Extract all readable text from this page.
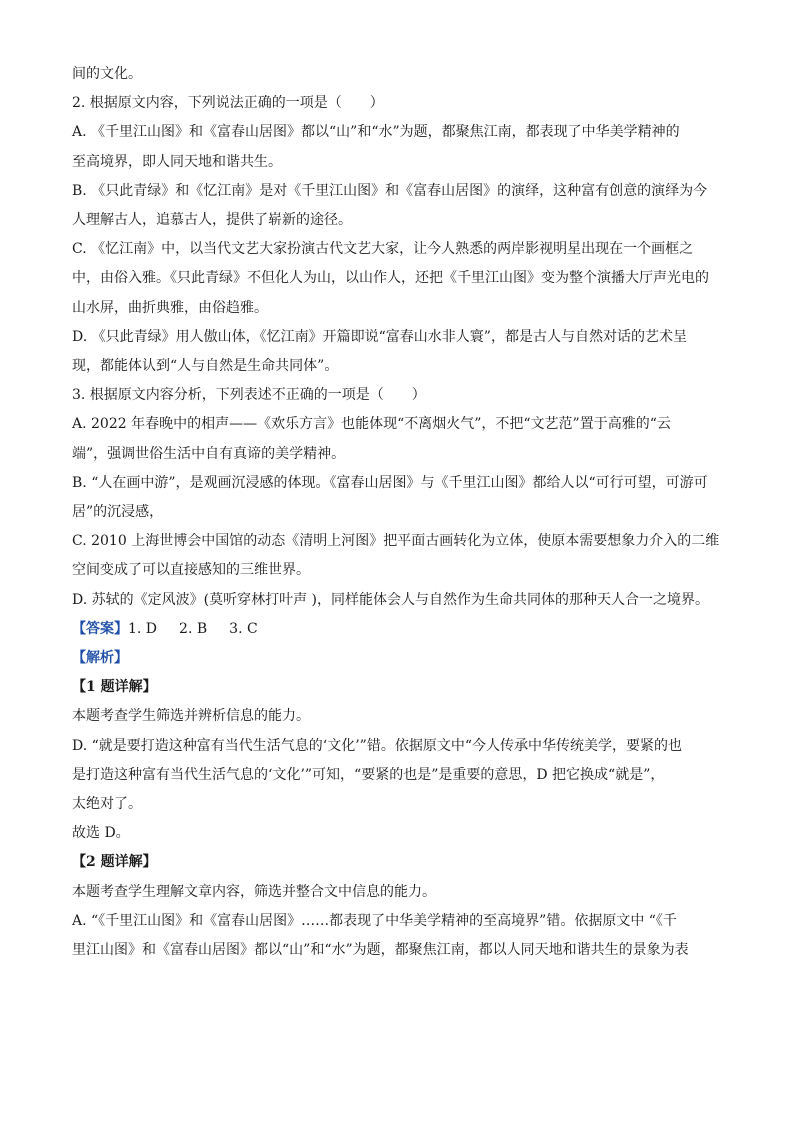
间的文化。

2. 根据原文内容，下列说法正确的一项是（　　）

A. 《千里江山图》和《富春山居图》都以“山”和“水”为题，都聚焦江南，都表现了中华美学精神的

至高境界，即人同天地和谐共生。

B. 《只此青绿》和《忆江南》是对《千里江山图》和《富春山居图》的演绎，这种富有创意的演绎为今

人理解古人，追慕古人，提供了崭新的途径。

C. 《忆江南》中，以当代文艺大家扮演古代文艺大家，让今人熟悉的两岸影视明星出现在一个画框之

中，由俗入雅。《只此青绿》不但化人为山，以山作人，还把《千里江山图》变为整个演播大厅声光电的

山水屏，曲折典雅，由俗趋雅。

D. 《只此青绿》用人傲山体，《忆江南》开篇即说“富春山水非人寰”，都是古人与自然对话的艺术呈

现，都能体认到“人与自然是生命共同体”。

3. 根据原文内容分析，下列表述不正确的一项是（　　）

A. 2022 年春晚中的相声——《欢乐方言》也能体现“不离烟火气”，不把“文艺范”置于高雅的“云

端”，强调世俗生活中自有真谛的美学精神。

B. “人在画中游”，是观画沉浸感的体现。《富春山居图》与《千里江山图》都给人以“可行可望，可游可

居”的沉浸感，

C. 2010 上海世博会中国馆的动态《清明上河图》把平面古画转化为立体，使原本需要想象力介入的二维

空间变成了可以直接感知的三维世界。

D. 苏轼的《定风波》(莫听穿林打叶声 )，同样能体会人与自然作为生命共同体的那种天人合一之境界。

【答案】1. D 2. B 3. C

【解析】

【1 题详解】

本题考查学生筛选并辨析信息的能力。

D. “就是要打造这种富有当代生活气息的‘文化’”错。依据原文中“今人传承中华传统美学，要紧的也

是打造这种富有当代生活气息的‘文化’”可知，“要紧的也是”是重要的意思，D 把它换成“就是”，

太绝对了。

故选 D。

【2 题详解】

本题考查学生理解文章内容，筛选并整合文中信息的能力。

A. “《千里江山图》和《富春山居图》……都表现了中华美学精神的至高境界”错。依据原文中 “《千

里江山图》和《富春山居图》都以“山”和“水”为题，都聚焦江南，都以人同天地和谐共生的景象为表
